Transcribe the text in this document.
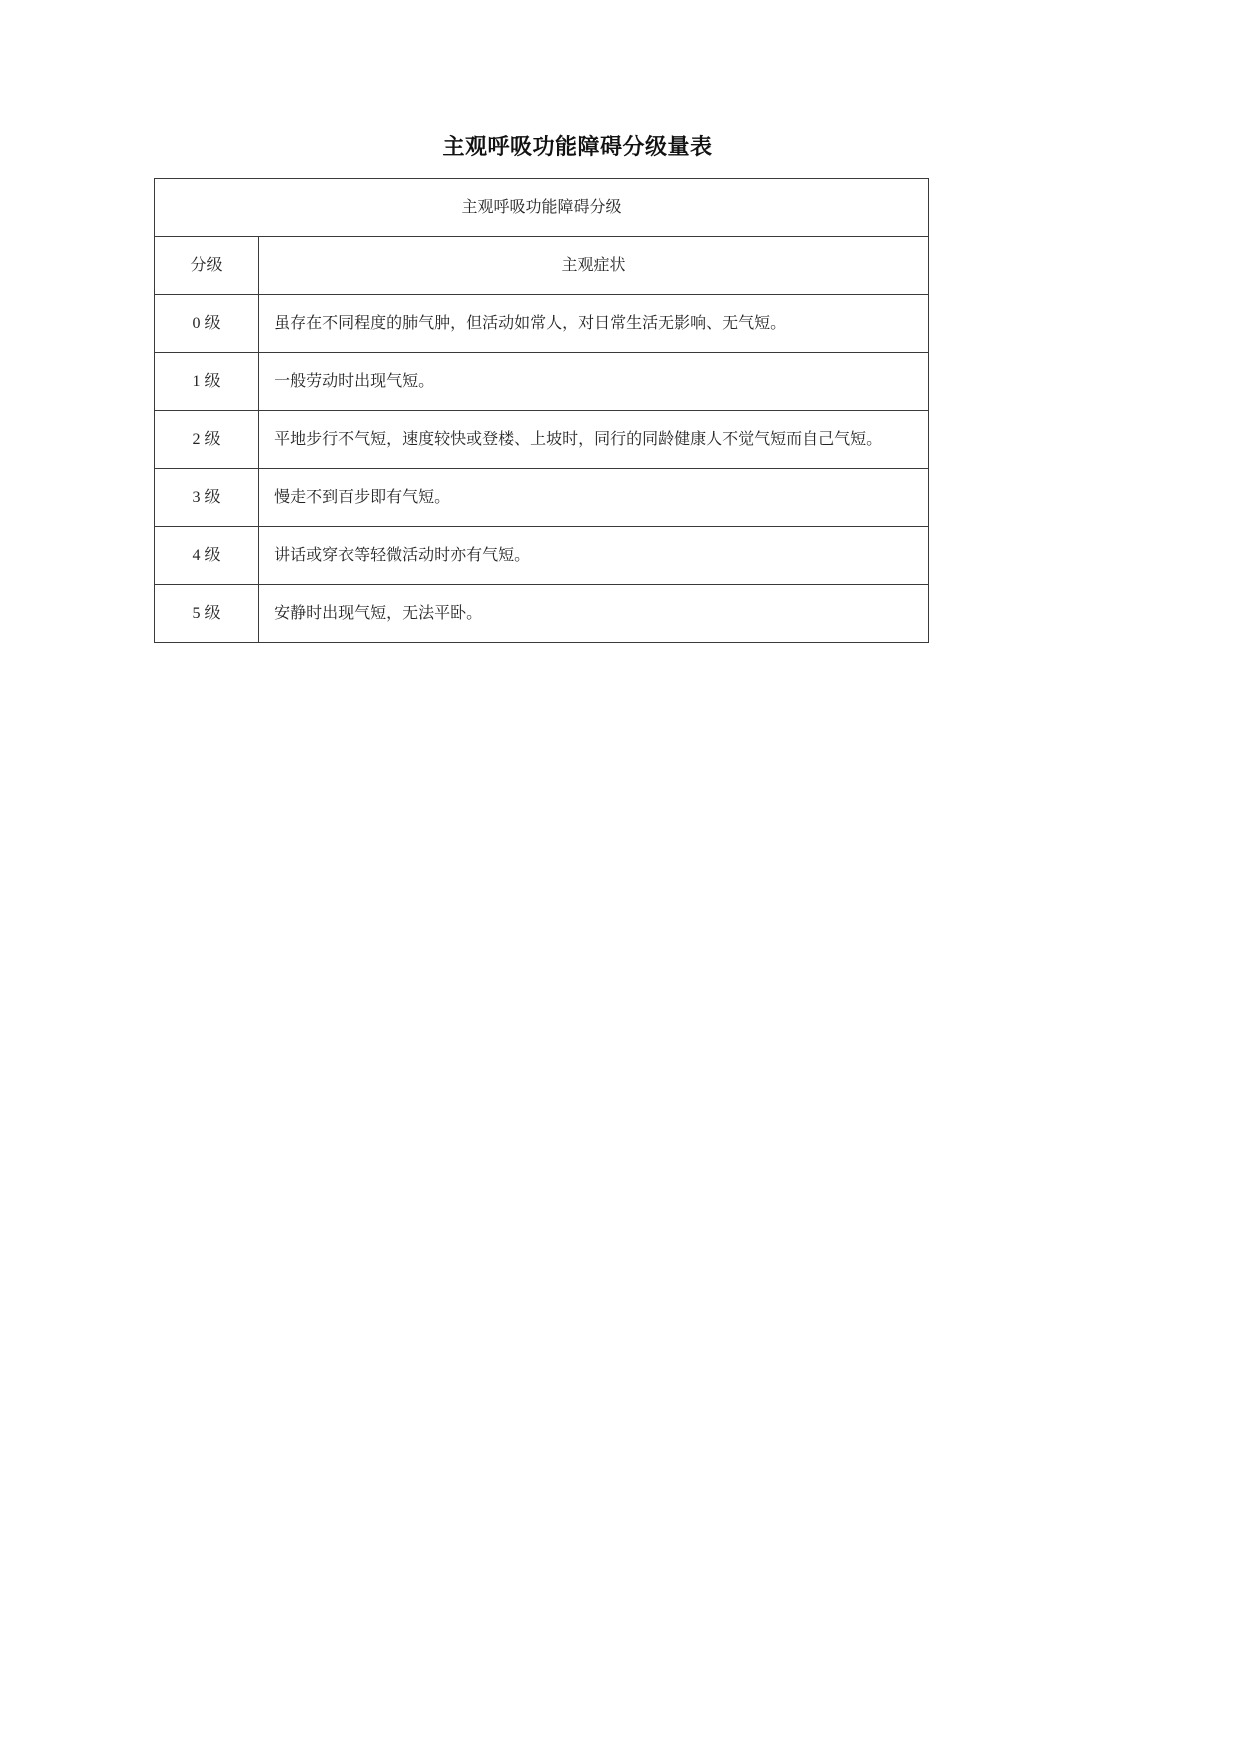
主观呼吸功能障碍分级量表
主观呼吸功能障碍分级	
分级	主观症状
0 级	虽存在不同程度的肺气肿，但活动如常人，对日常生活无影响、无气短。
1 级	一般劳动时出现气短。
2 级	平地步行不气短，速度较快或登楼、上坡时，同行的同龄健康人不觉气短而自己气短。
3 级	慢走不到百步即有气短。
4 级	讲话或穿衣等轻微活动时亦有气短。
5 级	安静时出现气短，无法平卧。
